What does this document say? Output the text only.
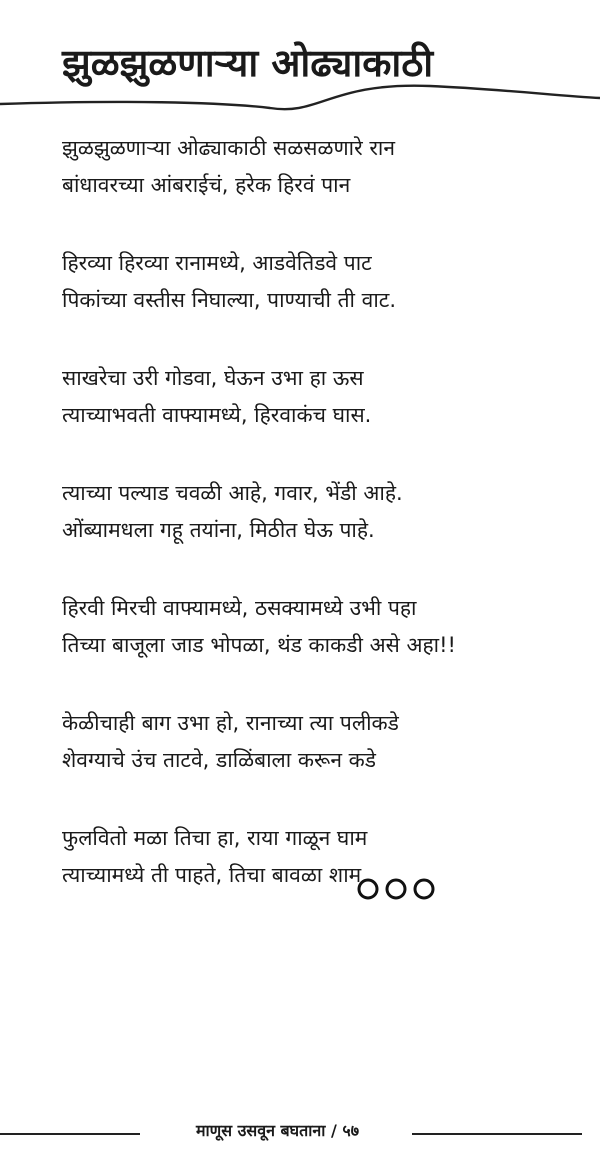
झुळझुळणाऱ्या ओढ्याकाठी
झुळझुळणाऱ्या ओढ्याकाठी सळसळणारे रान
बांधावरच्या आंबराईचं, हरेक हिरवं पान
हिरव्या हिरव्या रानामध्ये, आडवेतिडवे पाट
पिकांच्या वस्तीस निघाल्या, पाण्याची ती वाट.
साखरेचा उरी गोडवा, घेऊन उभा हा ऊस
त्याच्याभवती वाफ्यामध्ये, हिरवाकंच घास.
त्याच्या पल्याड चवळी आहे, गवार, भेंडी आहे.
ओंब्यामधला गहू तयांना, मिठीत घेऊ पाहे.
हिरवी मिरची वाफ्यामध्ये, ठसक्यामध्ये उभी पहा
तिच्या बाजूला जाड भोपळा, थंड काकडी असे अहा!!
केळीचाही बाग उभा हो, रानाच्या त्या पलीकडे
शेवग्याचे उंच ताटवे, डाळिंबाला करून कडे
फुलवितो मळा तिचा हा, राया गाळून घाम
त्याच्यामध्ये ती पाहते, तिचा बावळा शाम
माणूस उसवून बघताना / ५७
